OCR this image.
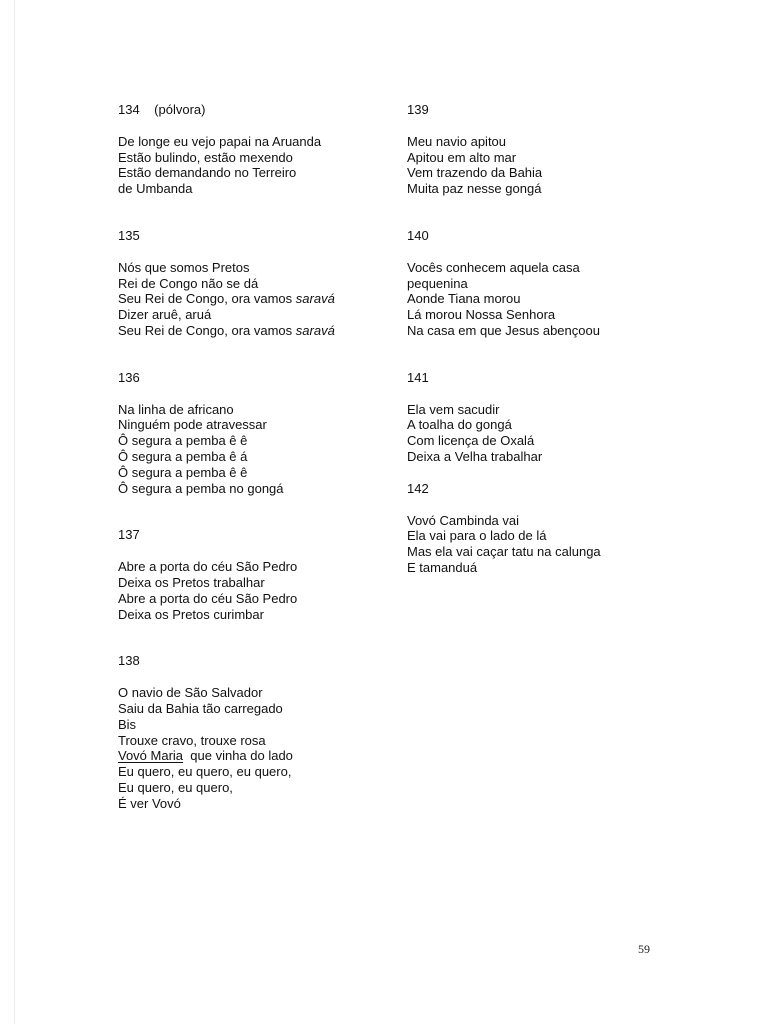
134 (pólvora)
De longe eu vejo papai na Aruanda
Estão bulindo, estão mexendo
Estão demandando no Terreiro
de Umbanda
135
Nós que somos Pretos
Rei de Congo não se dá
Seu Rei de Congo, ora vamos saravá
Dizer aruê, aruá
Seu Rei de Congo, ora vamos saravá
136
Na linha de africano
Ninguém pode atravessar
Ô segura a pemba ê ê
Ô segura a pemba ê á
Ô segura a pemba ê ê
Ô segura a pemba no gongá
137
Abre a porta do céu São Pedro
Deixa os Pretos trabalhar
Abre a porta do céu São Pedro
Deixa os Pretos curimbar
138
O navio de São Salvador
Saiu da Bahia tão carregado
Bis
Trouxe cravo, trouxe rosa
Vovó Maria  que vinha do lado
Eu quero, eu quero, eu quero,
Eu quero, eu quero,
É ver Vovó
139
Meu navio apitou
Apitou em alto mar
Vem trazendo da Bahia
Muita paz nesse gongá
140
Vocês conhecem aquela casa
pequenina
Aonde Tiana morou
Lá morou Nossa Senhora
Na casa em que Jesus abençoou
141
Ela vem sacudir
A toalha do gongá
Com licença de Oxalá
Deixa a Velha trabalhar
142
Vovó Cambinda vai
Ela vai para o lado de lá
Mas ela vai caçar tatu na calunga
E tamanduá
59
